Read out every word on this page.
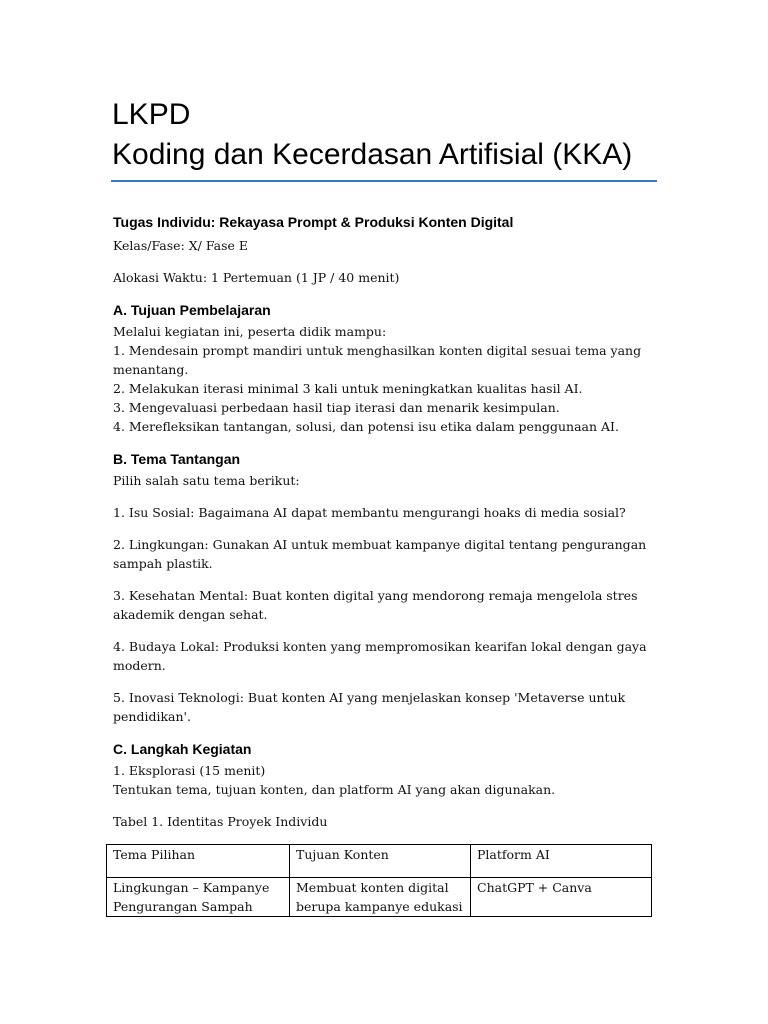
LKPD
Koding dan Kecerdasan Artifisial (KKA)

Tugas Individu: Rekayasa Prompt & Produksi Konten Digital

Kelas/Fase: X/ Fase E

Alokasi Waktu: 1 Pertemuan (1 JP / 40 menit)

A. Tujuan Pembelajaran

Melalui kegiatan ini, peserta didik mampu:

1. Mendesain prompt mandiri untuk menghasilkan konten digital sesuai tema yang menantang.

2. Melakukan iterasi minimal 3 kali untuk meningkatkan kualitas hasil AI.

3. Mengevaluasi perbedaan hasil tiap iterasi dan menarik kesimpulan.

4. Merefleksikan tantangan, solusi, dan potensi isu etika dalam penggunaan AI.

B. Tema Tantangan

Pilih salah satu tema berikut:

1. Isu Sosial: Bagaimana AI dapat membantu mengurangi hoaks di media sosial?

2. Lingkungan: Gunakan AI untuk membuat kampanye digital tentang pengurangan sampah plastik.

3. Kesehatan Mental: Buat konten digital yang mendorong remaja mengelola stres akademik dengan sehat.

4. Budaya Lokal: Produksi konten yang mempromosikan kearifan lokal dengan gaya modern.

5. Inovasi Teknologi: Buat konten AI yang menjelaskan konsep 'Metaverse untuk pendidikan'.

C. Langkah Kegiatan

1. Eksplorasi (15 menit)

Tentukan tema, tujuan konten, dan platform AI yang akan digunakan.

Tabel 1. Identitas Proyek Individu

Tema Pilihan	Tujuan Konten	Platform AI
Lingkungan – Kampanye Pengurangan Sampah	Membuat konten digital berupa kampanye edukasi	ChatGPT + Canva
